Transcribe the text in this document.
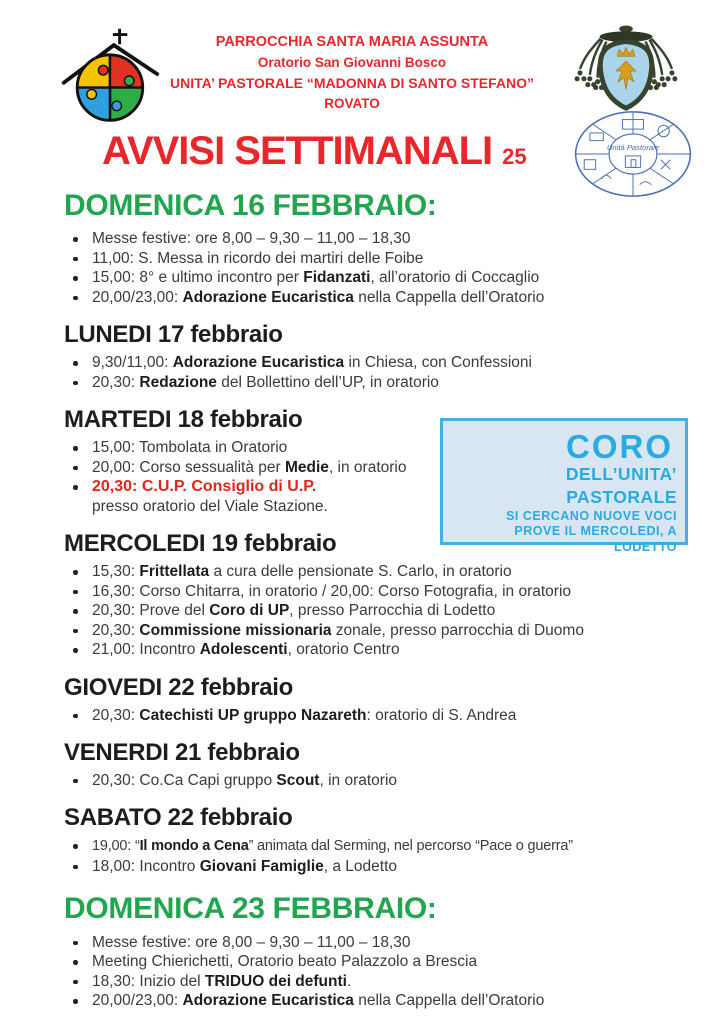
PARROCCHIA SANTA MARIA ASSUNTA
Oratorio San Giovanni Bosco
UNITA’ PASTORALE “MADONNA DI SANTO STEFANO”
ROVATO
Unità Pastorale
AVVISI SETTIMANALI 25
DOMENICA 16 FEBBRAIO:
Messe festive: ore 8,00 – 9,30 – 11,00 – 18,30
11,00: S. Messa in ricordo dei martiri delle Foibe
15,00: 8° e ultimo incontro per Fidanzati, all’oratorio di Coccaglio
20,00/23,00: Adorazione Eucaristica nella Cappella dell’Oratorio
LUNEDI 17 febbraio
9,30/11,00: Adorazione Eucaristica in Chiesa, con Confessioni
20,30: Redazione del Bollettino dell’UP, in oratorio
MARTEDI 18 febbraio
15,00: Tombolata in Oratorio
20,00: Corso sessualità per Medie, in oratorio
20,30: C.U.P. Consiglio di U.P.
presso oratorio del Viale Stazione.
MERCOLEDI 19 febbraio
15,30: Frittellata a cura delle pensionate S. Carlo, in oratorio
16,30: Corso Chitarra, in oratorio / 20,00: Corso Fotografia, in oratorio
20,30: Prove del Coro di UP, presso Parrocchia di Lodetto
20,30: Commissione missionaria zonale, presso parrocchia di Duomo
21,00: Incontro Adolescenti, oratorio Centro
GIOVEDI 22 febbraio
20,30: Catechisti UP gruppo Nazareth: oratorio di S. Andrea
VENERDI 21 febbraio
20,30: Co.Ca Capi gruppo Scout, in oratorio
SABATO 22 febbraio
19,00: “Il mondo a Cena” animata dal Serming, nel percorso “Pace o guerra”
18,00: Incontro Giovani Famiglie, a Lodetto
DOMENICA 23 FEBBRAIO:
Messe festive: ore 8,00 – 9,30 – 11,00 – 18,30
Meeting Chierichetti, Oratorio beato Palazzolo a Brescia
18,30: Inizio del TRIDUO dei defunti.
20,00/23,00: Adorazione Eucaristica nella Cappella dell’Oratorio
CORO
DELL’UNITA’ PASTORALE
SI CERCANO NUOVE VOCI
PROVE IL MERCOLEDI, A LODETTO
